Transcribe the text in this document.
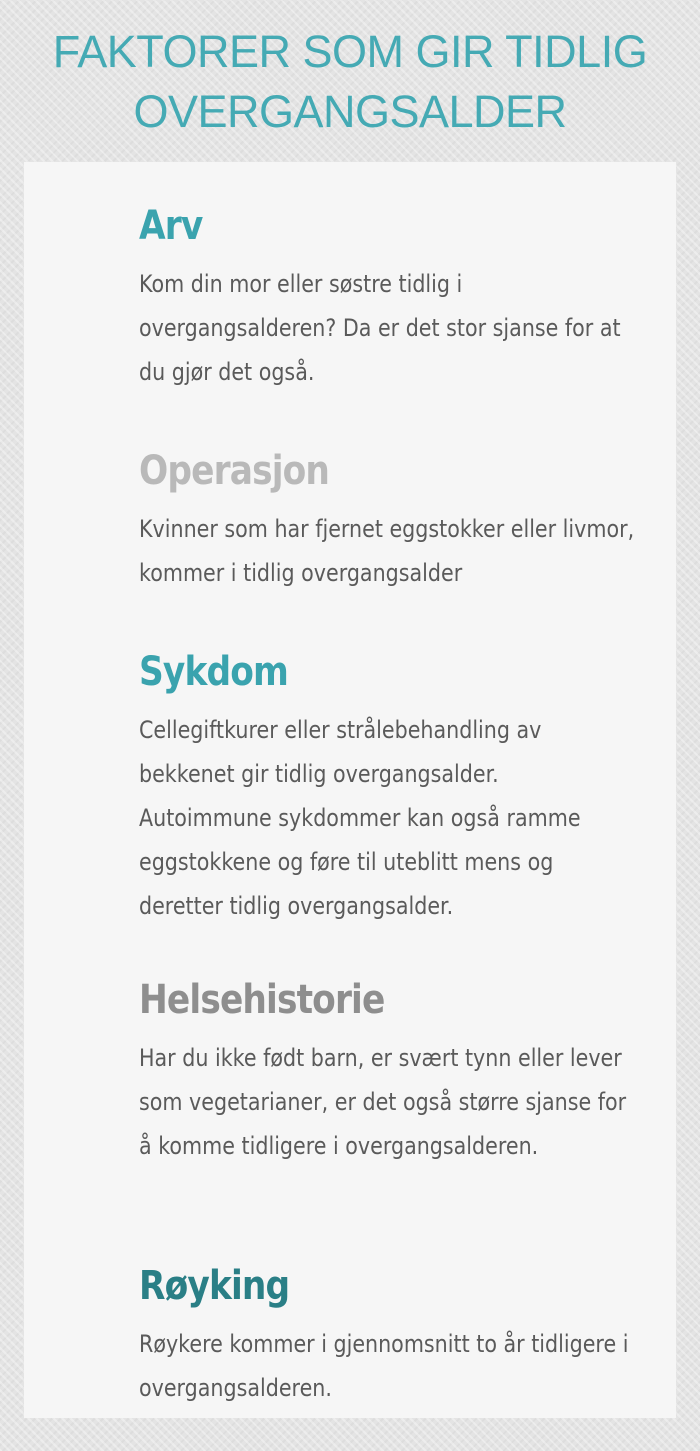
FAKTORER SOM GIR TIDLIG
OVERGANGSALDER
Arv

Kom din mor eller søstre tidlig i overgangsalderen? Da er det stor sjanse for at du gjør det også.

Operasjon

Kvinner som har fjernet eggstokker eller livmor, kommer i tidlig overgangsalder

Sykdom

Cellegiftkurer eller strålebehandling av bekkenet gir tidlig overgangsalder. Autoimmune sykdommer kan også ramme eggstokkene og føre til uteblitt mens og deretter tidlig overgangsalder.

Helsehistorie

Har du ikke født barn, er svært tynn eller lever som vegetarianer, er det også større sjanse for å komme tidligere i overgangsalderen.

Røyking

Røykere kommer i gjennomsnitt to år tidligere i overgangsalderen.
